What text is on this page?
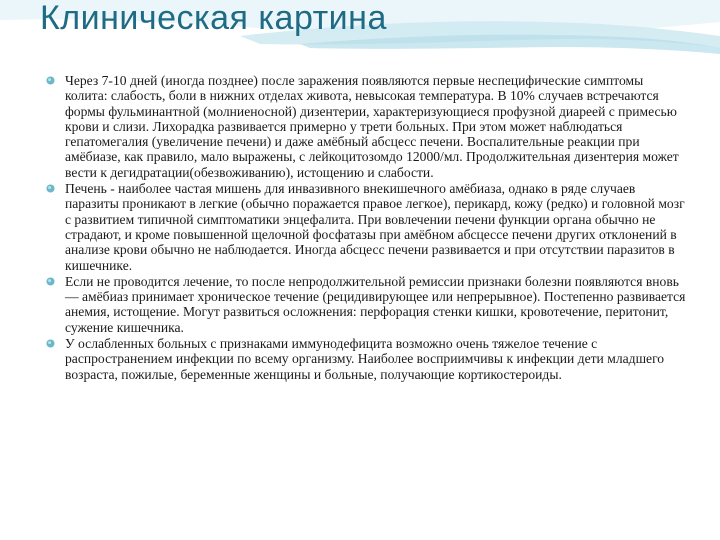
Клиническая картина
Через 7-10 дней (иногда позднее) после заражения появляются первые неспецифические симптомы колита: слабость, боли в нижних отделах живота, невысокая температура. В 10% случаев встречаются формы фульминантной (молниеносной) дизентерии, характеризующиеся профузной диареей с примесью крови и слизи. Лихорадка развивается примерно у трети больных. При этом может наблюдаться гепатомегалия (увеличение печени) и даже амёбный абсцесс печени. Воспалительные реакции при амёбиазе, как правило, мало выражены, с лейкоцитозомдо 12000/мл. Продолжительная дизентерия может вести к дегидратации(обезвоживанию), истощению и слабости.
Печень - наиболее частая мишень для инвазивного внекишечного амёбиаза, однако в ряде случаев паразиты проникают в легкие (обычно поражается правое легкое), перикард, кожу (редко) и головной мозг с развитием типичной симптоматики энцефалита. При вовлечении печени функции органа обычно не страдают, и кроме повышенной щелочной фосфатазы при амёбном абсцессе печени других отклонений в анализе крови обычно не наблюдается. Иногда абсцесс печени развивается и при отсутствии паразитов в кишечнике.
Если не проводится лечение, то после непродолжительной ремиссии признаки болезни появляются вновь — амёбиаз принимает хроническое течение (рецидивирующее или непрерывное). Постепенно развивается анемия, истощение. Могут развиться осложнения: перфорация стенки кишки, кровотечение, перитонит, сужение кишечника.
У ослабленных больных с признаками иммунодефицита возможно очень тяжелое течение с распространением инфекции по всему организму. Наиболее восприимчивы к инфекции дети младшего возраста, пожилые, беременные женщины и больные, получающие кортикостероиды.
